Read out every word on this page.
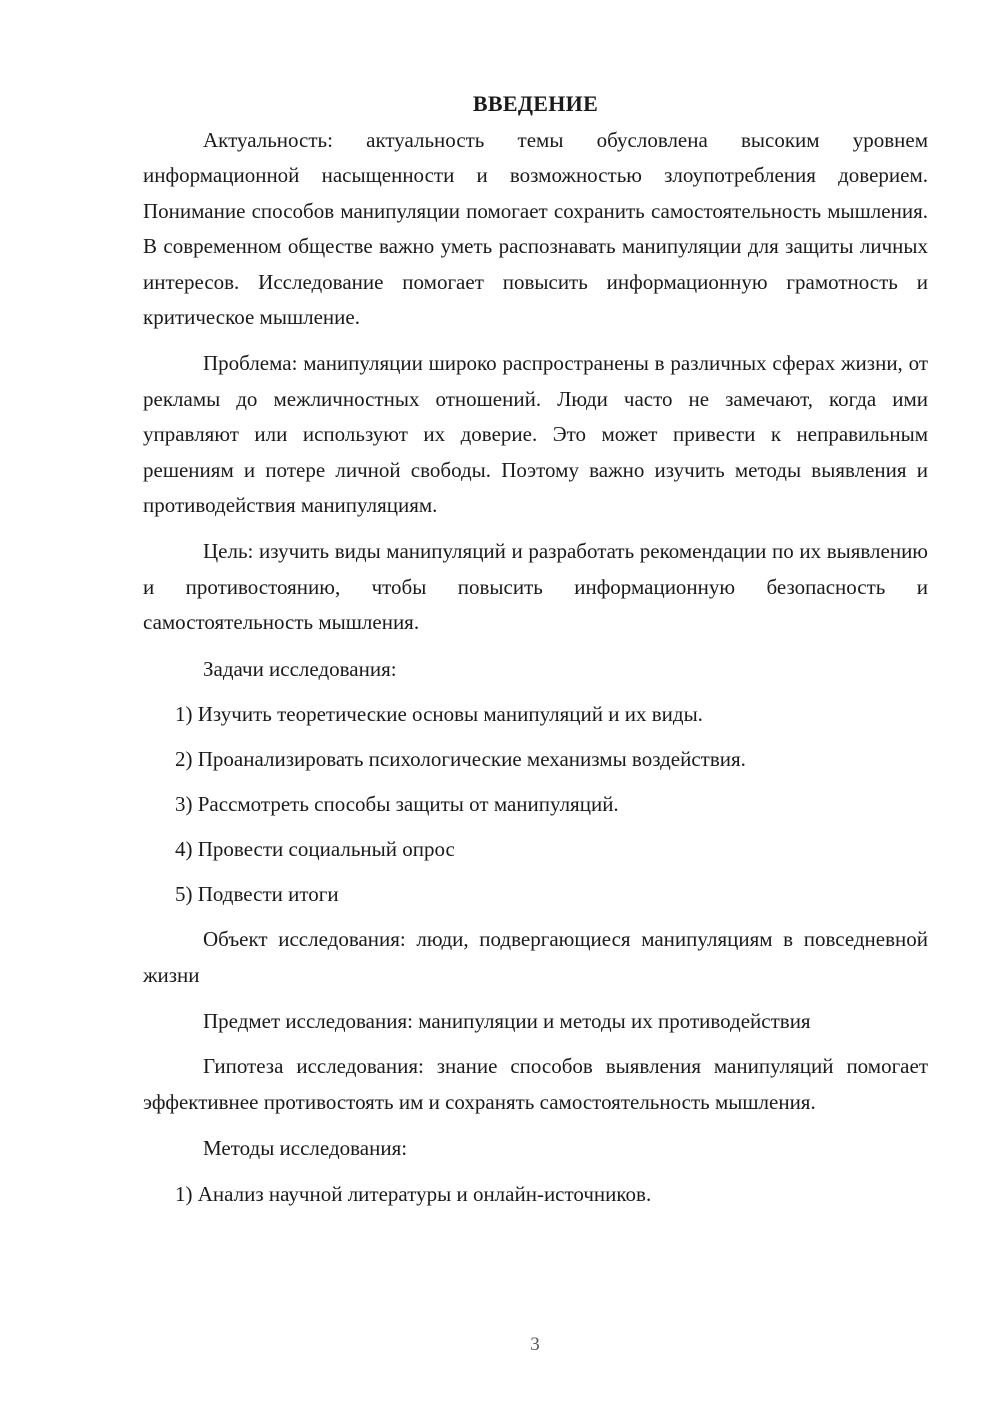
ВВЕДЕНИЕ

Актуальность: актуальность темы обусловлена высоким уровнем информационной насыщенности и возможностью злоупотребления доверием. Понимание способов манипуляции помогает сохранить самостоятельность мышления. В современном обществе важно уметь распознавать манипуляции для защиты личных интересов. Исследование помогает повысить информационную грамотность и критическое мышление.

Проблема: манипуляции широко распространены в различных сферах жизни, от рекламы до межличностных отношений. Люди часто не замечают, когда ими управляют или используют их доверие. Это может привести к неправильным решениям и потере личной свободы. Поэтому важно изучить методы выявления и противодействия манипуляциям.

Цель: изучить виды манипуляций и разработать рекомендации по их выявлению и противостоянию, чтобы повысить информационную безопасность и самостоятельность мышления.

Задачи исследования:

1) Изучить теоретические основы манипуляций и их виды.
2) Проанализировать психологические механизмы воздействия.
3) Рассмотреть способы защиты от манипуляций.
4) Провести социальный опрос
5) Подвести итоги

Объект исследования: люди, подвергающиеся манипуляциям в повседневной жизни

Предмет исследования: манипуляции и методы их противодействия

Гипотеза исследования: знание способов выявления манипуляций помогает эффективнее противостоять им и сохранять самостоятельность мышления.

Методы исследования:

1) Анализ научной литературы и онлайн-источников.
3
